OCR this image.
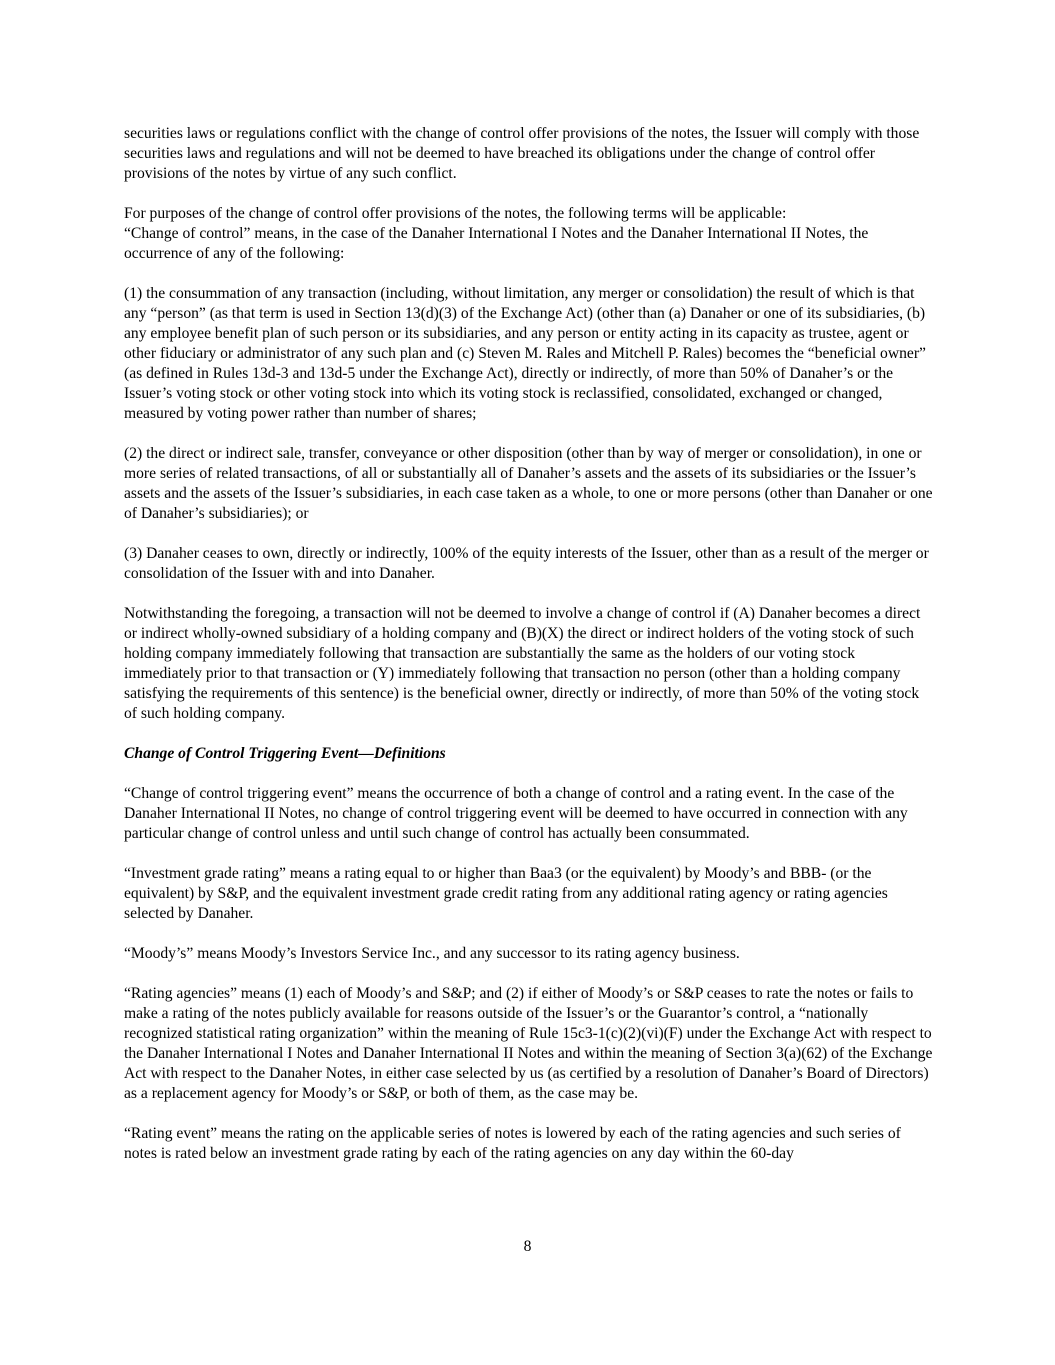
securities laws or regulations conflict with the change of control offer provisions of the notes, the Issuer will comply with those securities laws and regulations and will not be deemed to have breached its obligations under the change of control offer provisions of the notes by virtue of any such conflict.

For purposes of the change of control offer provisions of the notes, the following terms will be applicable:

“Change of control” means, in the case of the Danaher International I Notes and the Danaher International II Notes, the occurrence of any of the following:

(1) the consummation of any transaction (including, without limitation, any merger or consolidation) the result of which is that any “person” (as that term is used in Section 13(d)(3) of the Exchange Act) (other than (a) Danaher or one of its subsidiaries, (b) any employee benefit plan of such person or its subsidiaries, and any person or entity acting in its capacity as trustee, agent or other fiduciary or administrator of any such plan and (c) Steven M. Rales and Mitchell P. Rales) becomes the “beneficial owner” (as defined in Rules 13d-3 and 13d-5 under the Exchange Act), directly or indirectly, of more than 50% of Danaher’s or the Issuer’s voting stock or other voting stock into which its voting stock is reclassified, consolidated, exchanged or changed, measured by voting power rather than number of shares;

(2) the direct or indirect sale, transfer, conveyance or other disposition (other than by way of merger or consolidation), in one or more series of related transactions, of all or substantially all of Danaher’s assets and the assets of its subsidiaries or the Issuer’s assets and the assets of the Issuer’s subsidiaries, in each case taken as a whole, to one or more persons (other than Danaher or one of Danaher’s subsidiaries); or

(3) Danaher ceases to own, directly or indirectly, 100% of the equity interests of the Issuer, other than as a result of the merger or consolidation of the Issuer with and into Danaher.

Notwithstanding the foregoing, a transaction will not be deemed to involve a change of control if (A) Danaher becomes a direct or indirect wholly-owned subsidiary of a holding company and (B)(X) the direct or indirect holders of the voting stock of such holding company immediately following that transaction are substantially the same as the holders of our voting stock immediately prior to that transaction or (Y) immediately following that transaction no person (other than a holding company satisfying the requirements of this sentence) is the beneficial owner, directly or indirectly, of more than 50% of the voting stock of such holding company.

Change of Control Triggering Event—Definitions

“Change of control triggering event” means the occurrence of both a change of control and a rating event. In the case of the Danaher International II Notes, no change of control triggering event will be deemed to have occurred in connection with any particular change of control unless and until such change of control has actually been consummated.

“Investment grade rating” means a rating equal to or higher than Baa3 (or the equivalent) by Moody’s and BBB- (or the equivalent) by S&P, and the equivalent investment grade credit rating from any additional rating agency or rating agencies selected by Danaher.

“Moody’s” means Moody’s Investors Service Inc., and any successor to its rating agency business.

“Rating agencies” means (1) each of Moody’s and S&P; and (2) if either of Moody’s or S&P ceases to rate the notes or fails to make a rating of the notes publicly available for reasons outside of the Issuer’s or the Guarantor’s control, a “nationally recognized statistical rating organization” within the meaning of Rule 15c3-1(c)(2)(vi)(F) under the Exchange Act with respect to the Danaher International I Notes and Danaher International II Notes and within the meaning of Section 3(a)(62) of the Exchange Act with respect to the Danaher Notes, in either case selected by us (as certified by a resolution of Danaher’s Board of Directors) as a replacement agency for Moody’s or S&P, or both of them, as the case may be.

“Rating event” means the rating on the applicable series of notes is lowered by each of the rating agencies and such series of notes is rated below an investment grade rating by each of the rating agencies on any day within the 60-day

8
